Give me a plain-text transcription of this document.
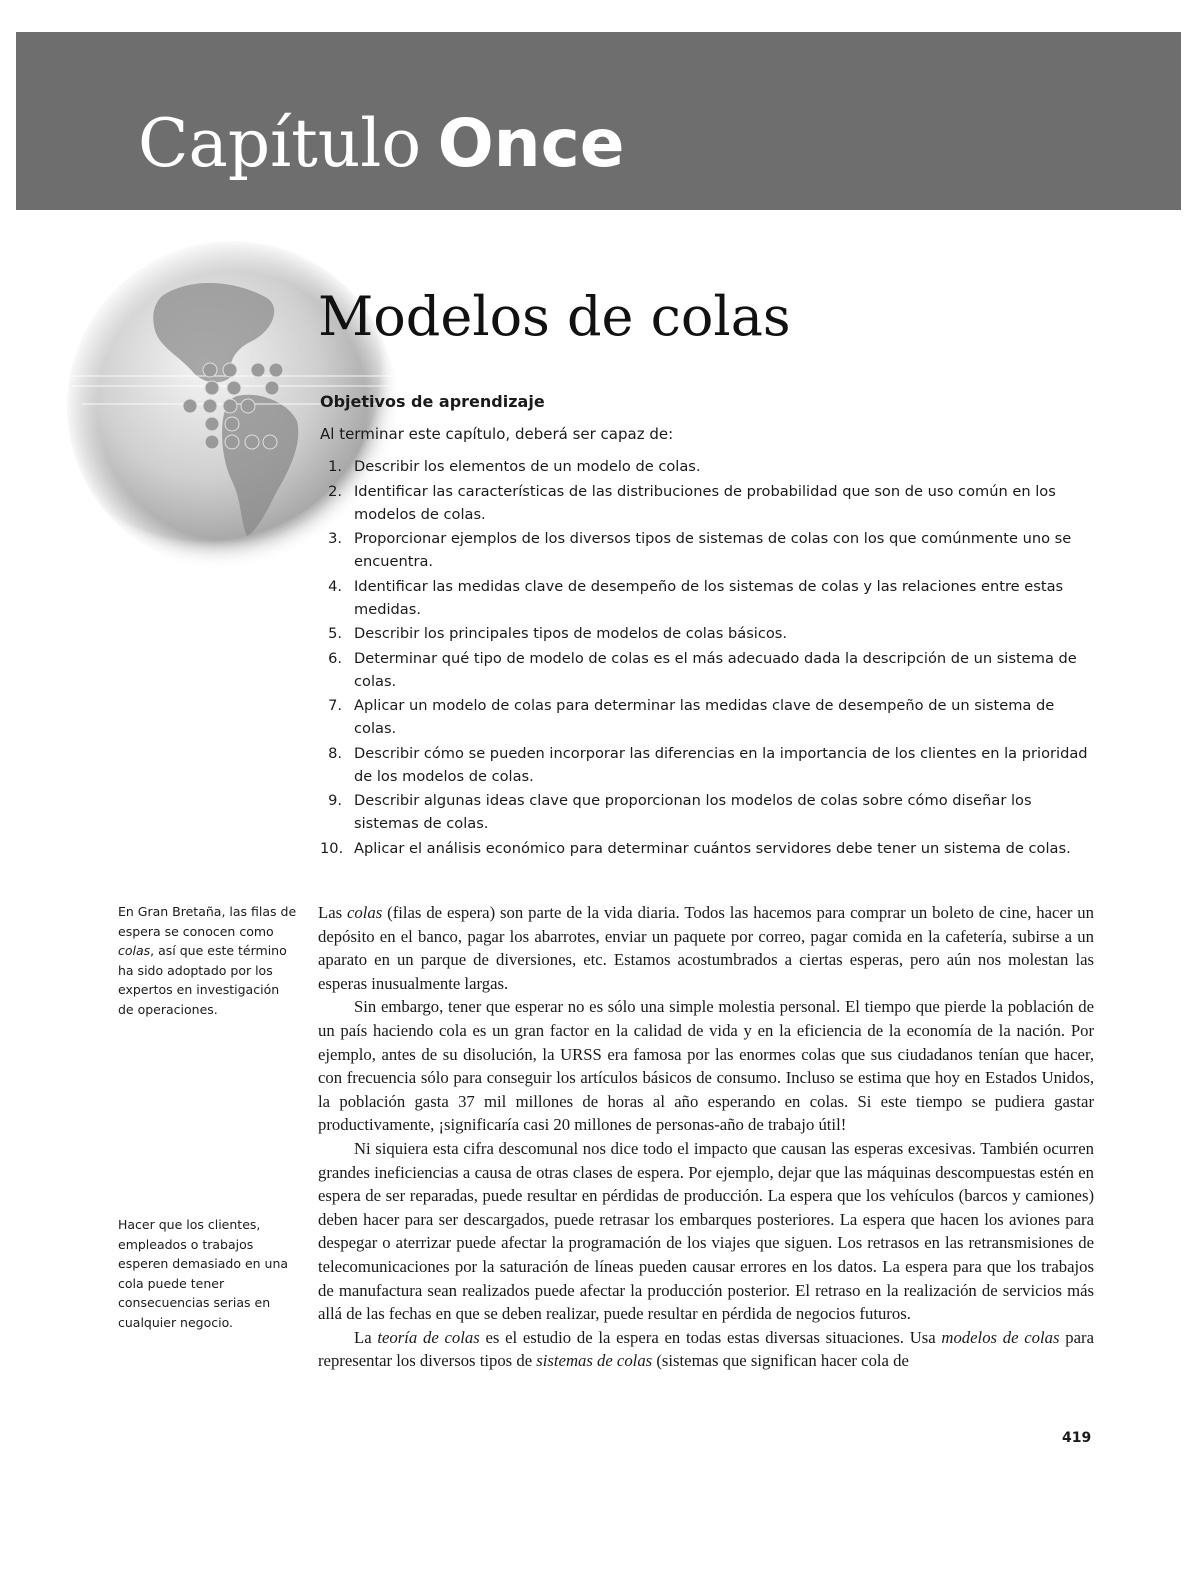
Capítulo Once
Modelos de colas
Objetivos de aprendizaje
Al terminar este capítulo, deberá ser capaz de:
1. Describir los elementos de un modelo de colas.
2. Identificar las características de las distribuciones de probabilidad que son de uso común en los modelos de colas.
3. Proporcionar ejemplos de los diversos tipos de sistemas de colas con los que comúnmente uno se encuentra.
4. Identificar las medidas clave de desempeño de los sistemas de colas y las relaciones entre estas medidas.
5. Describir los principales tipos de modelos de colas básicos.
6. Determinar qué tipo de modelo de colas es el más adecuado dada la descripción de un sistema de colas.
7. Aplicar un modelo de colas para determinar las medidas clave de desempeño de un sistema de colas.
8. Describir cómo se pueden incorporar las diferencias en la importancia de los clientes en la prioridad de los modelos de colas.
9. Describir algunas ideas clave que proporcionan los modelos de colas sobre cómo diseñar los sistemas de colas.
10. Aplicar el análisis económico para determinar cuántos servidores debe tener un sistema de colas.
En Gran Bretaña, las filas de espera se conocen como colas, así que este término ha sido adoptado por los expertos en investigación de operaciones.
Hacer que los clientes, empleados o trabajos esperen demasiado en una cola puede tener consecuencias serias en cualquier negocio.

Las colas (filas de espera) son parte de la vida diaria. Todos las hacemos para comprar un boleto de cine, hacer un depósito en el banco, pagar los abarrotes, enviar un paquete por correo, pagar comida en la cafetería, subirse a un aparato en un parque de diversiones, etc. Estamos acostumbrados a ciertas esperas, pero aún nos molestan las esperas inusualmente largas.

Sin embargo, tener que esperar no es sólo una simple molestia personal. El tiempo que pierde la población de un país haciendo cola es un gran factor en la calidad de vida y en la eficiencia de la economía de la nación. Por ejemplo, antes de su disolución, la URSS era famosa por las enormes colas que sus ciudadanos tenían que hacer, con frecuencia sólo para conseguir los artículos básicos de consumo. Incluso se estima que hoy en Estados Unidos, la población gasta 37 mil millones de horas al año esperando en colas. Si este tiempo se pudiera gastar productivamente, ¡significaría casi 20 millones de personas-año de trabajo útil!

Ni siquiera esta cifra descomunal nos dice todo el impacto que causan las esperas excesivas. También ocurren grandes ineficiencias a causa de otras clases de espera. Por ejemplo, dejar que las máquinas descompuestas estén en espera de ser reparadas, puede resultar en pérdidas de producción. La espera que los vehículos (barcos y camiones) deben hacer para ser descargados, puede retrasar los embarques posteriores. La espera que hacen los aviones para despegar o aterrizar puede afectar la programación de los viajes que siguen. Los retrasos en las retransmisiones de telecomunicaciones por la saturación de líneas pueden causar errores en los datos. La espera para que los trabajos de manufactura sean realizados puede afectar la producción posterior. El retraso en la realización de servicios más allá de las fechas en que se deben realizar, puede resultar en pérdida de negocios futuros.

La teoría de colas es el estudio de la espera en todas estas diversas situaciones. Usa modelos de colas para representar los diversos tipos de sistemas de colas (sistemas que significan hacer cola de

419
